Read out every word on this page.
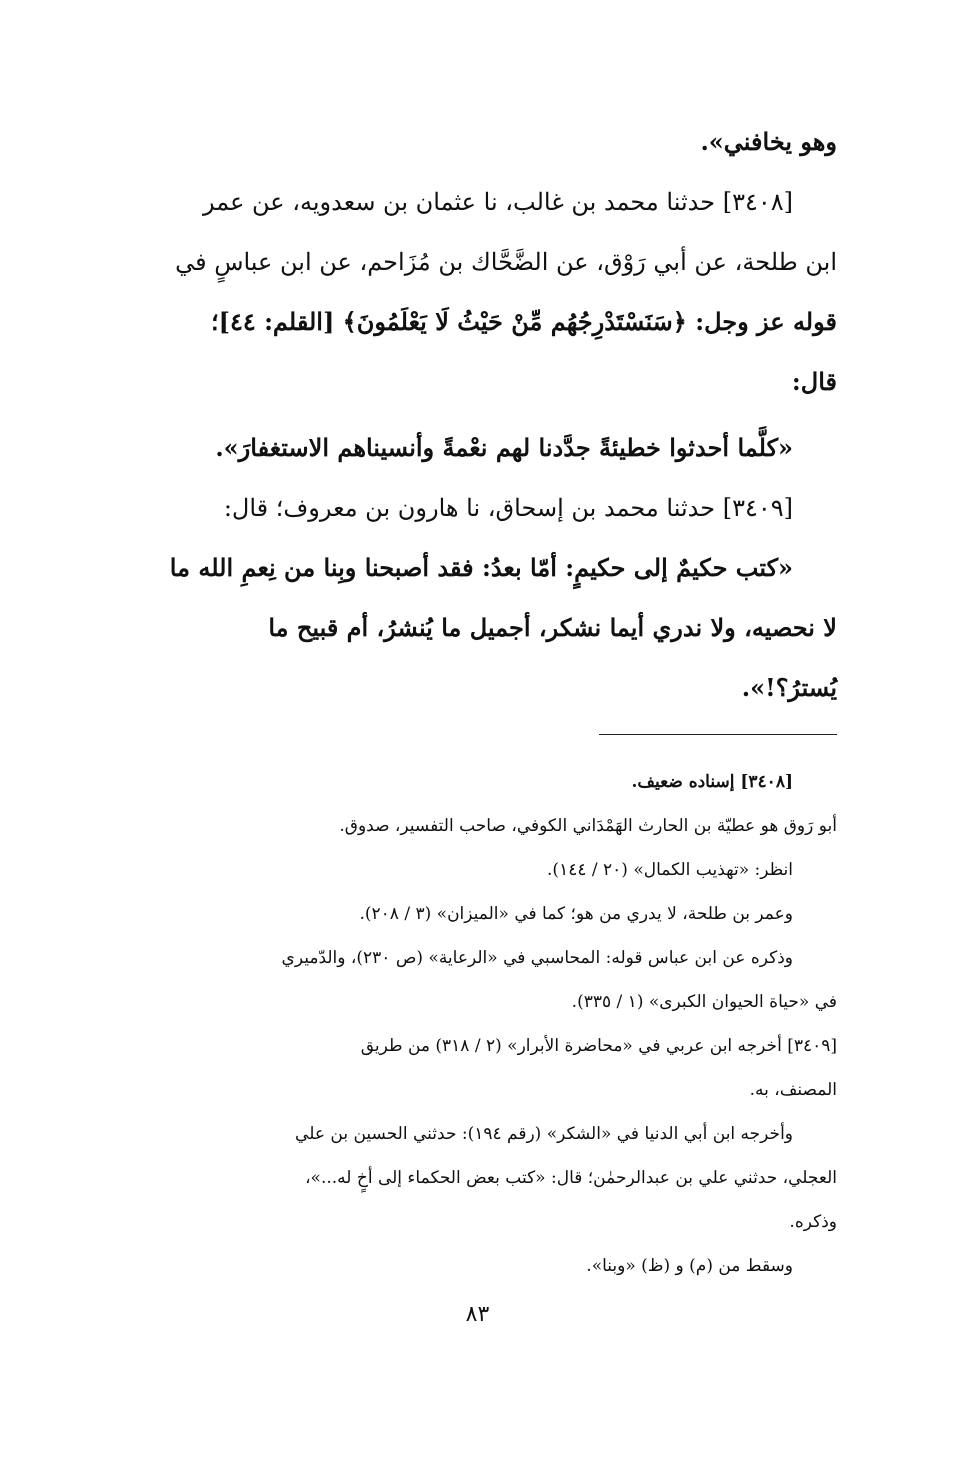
وهو يخافني».

[٣٤٠٨] حدثنا محمد بن غالب، نا عثمان بن سعدويه، عن عمر

ابن طلحة، عن أبي رَوْق، عن الضَّحَّاك بن مُزَاحم، عن ابن عباسٍ في

قوله عز وجل: ﴿سَنَسْتَدْرِجُهُم مِّنْ حَيْثُ لَا يَعْلَمُونَ﴾ [القلم: ٤٤]؛

قال:

«كلَّما أحدثوا خطيئةً جدَّدنا لهم نعْمةً وأنسيناهم الاستغفارَ».

[٣٤٠٩] حدثنا محمد بن إسحاق، نا هارون بن معروف؛ قال:

«كتب حكيمٌ إلى حكيمٍ: أمّا بعدُ: فقد أصبحنا وبِنا من نِعمِ الله ما

لا نحصيه، ولا ندري أيما نشكر، أجميل ما يُنشرُ، أم قبيح ما

يُسترُ؟!».

[٣٤٠٨] إسناده ضعيف.

أبو رَوق هو عطيّة بن الحارث الهَمْدَاني الكوفي، صاحب التفسير، صدوق.

انظر: «تهذيب الكمال» (٢٠ / ١٤٤).

وعمر بن طلحة، لا يدري من هو؛ كما في «الميزان» (٣ / ٢٠٨).

وذكره عن ابن عباس قوله: المحاسبي في «الرعاية» (ص ٢٣٠)، والدّميري

في «حياة الحيوان الكبرى» (١ / ٣٣٥).

[٣٤٠٩] أخرجه ابن عربي في «محاضرة الأبرار» (٢ / ٣١٨) من طريق

المصنف، به.

وأخرجه ابن أبي الدنيا في «الشكر» (رقم ١٩٤): حدثني الحسين بن علي

العجلي، حدثني علي بن عبدالرحمٰن؛ قال: «كتب بعض الحكماء إلى أخٍ له...»،

وذكره.

وسقط من (م) و (ظ) «وبنا».

٨٣
